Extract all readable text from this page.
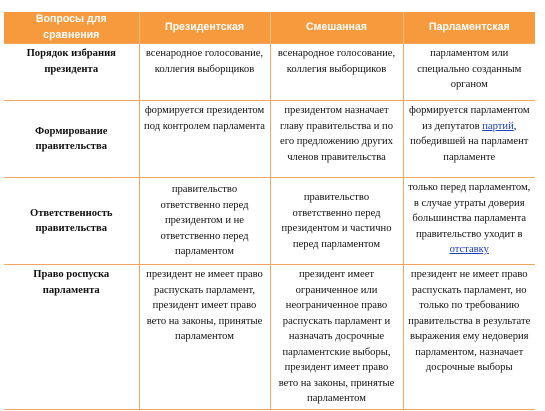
Вопросы для сравнения	Президентская	Смешанная	Парламентская
Порядок избрания президента	всенародное голосование, коллегия выборщиков	всенародное голосование, коллегия выборщиков	парламентом или специально созданным органом
Формирование правительства	формируется президентом под контролем парламента	президентом назначает главу правительства и по его предложению других членов правительства	формируется парламентом из депутатов партий, победившей на парламент парламенте
Ответственность правительства	правительство ответственно перед президентом и не ответственно перед парламентом	правительство ответственно перед президентом и частично перед парламентом	только перед парламентом, в случае утраты доверия большинства парламента правительство уходит в отставку
Право роспуска парламента	президент не имеет право распускать парламент, президент имеет право вето на законы, принятые парламентом	президент имеет ограниченное или неограниченное право распускать парламент и назначать досрочные парламентские выборы, президент имеет право вето на законы, принятые парламентом	президент не имеет право распускать парламент, но только по требованию правительства в результате выражения ему недоверия парламентом, назначает досрочные выборы
